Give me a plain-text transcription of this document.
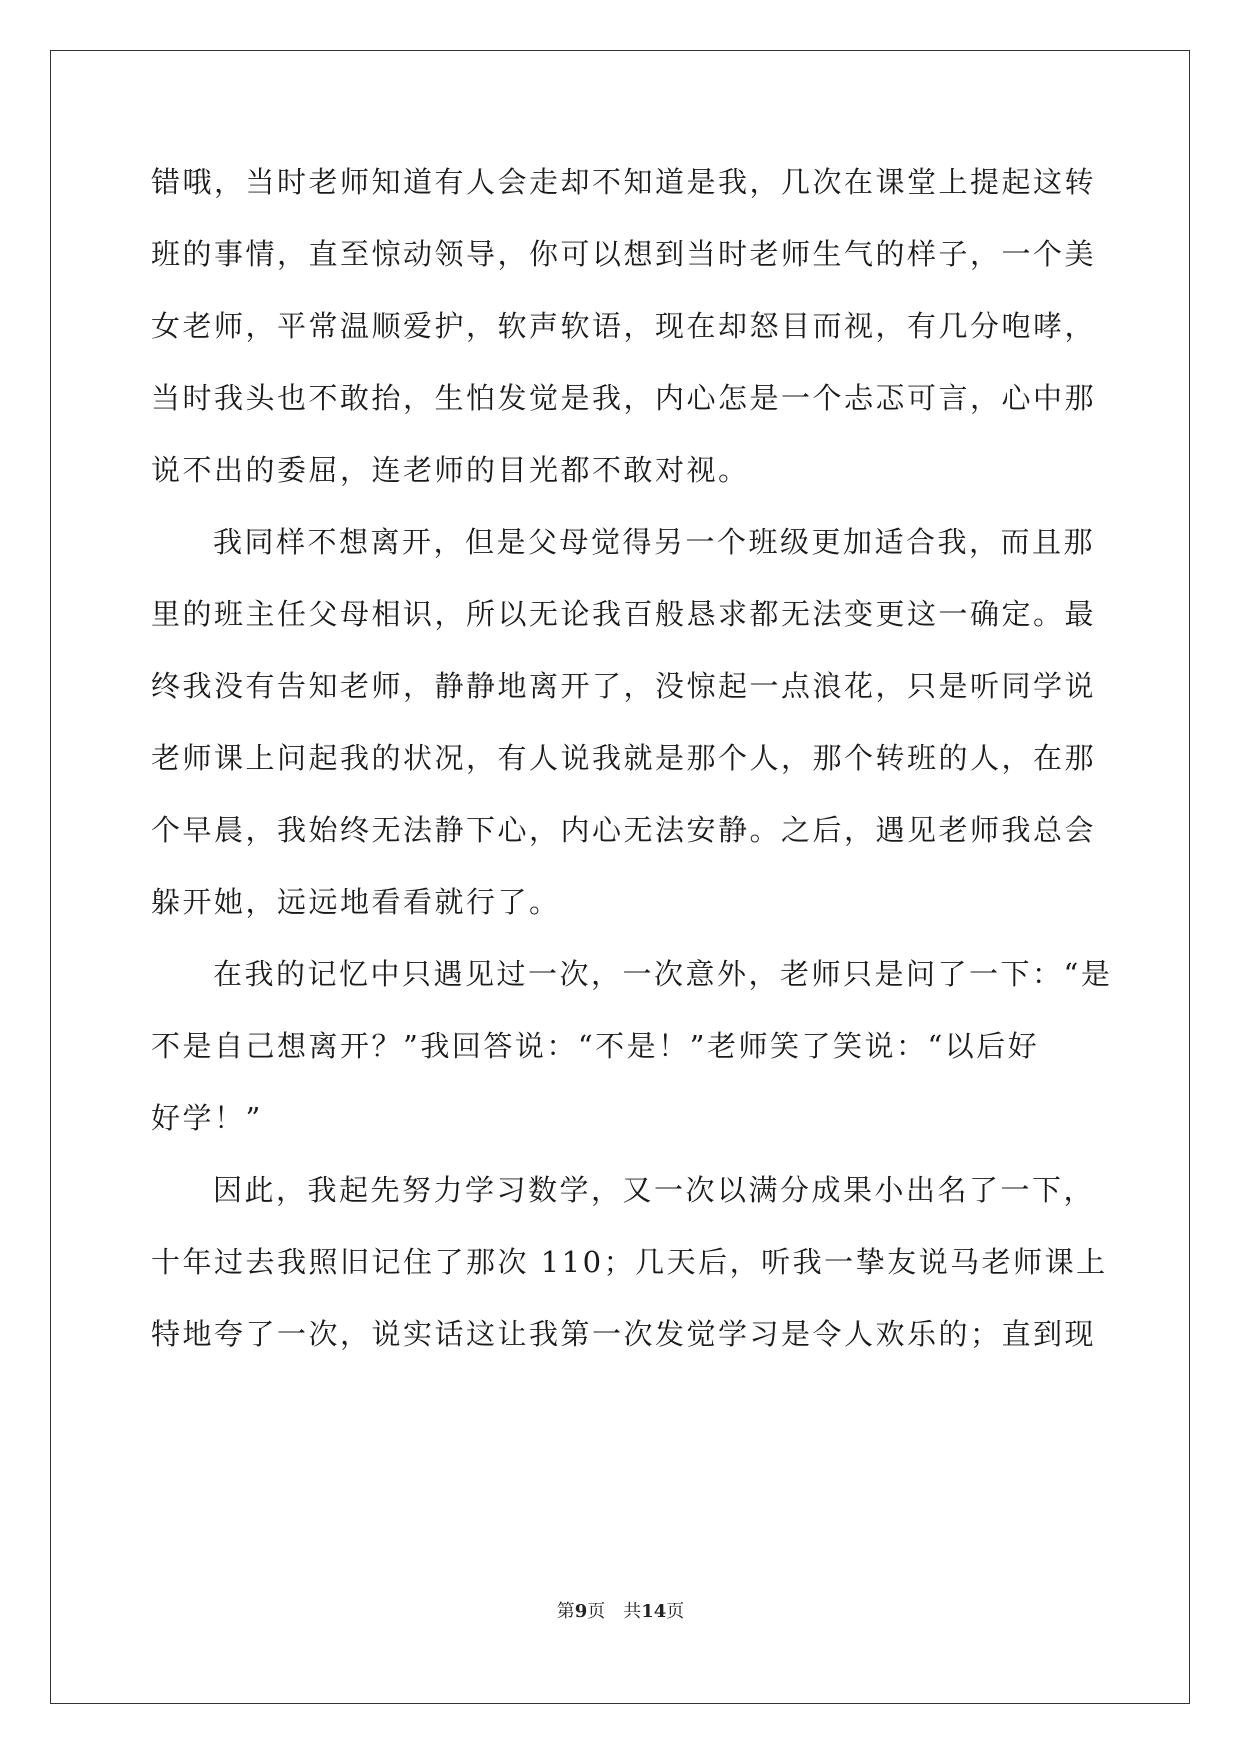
错哦，当时老师知道有人会走却不知道是我，几次在课堂上提起这转
班的事情，直至惊动领导，你可以想到当时老师生气的样子，一个美
女老师，平常温顺爱护，软声软语，现在却怒目而视，有几分咆哮，
当时我头也不敢抬，生怕发觉是我，内心怎是一个忐忑可言，心中那
说不出的委屈，连老师的目光都不敢对视。
我同样不想离开，但是父母觉得另一个班级更加适合我，而且那
里的班主任父母相识，所以无论我百般恳求都无法变更这一确定。最
终我没有告知老师，静静地离开了，没惊起一点浪花，只是听同学说
老师课上问起我的状况，有人说我就是那个人，那个转班的人，在那
个早晨，我始终无法静下心，内心无法安静。之后，遇见老师我总会
躲开她，远远地看看就行了。
在我的记忆中只遇见过一次，一次意外，老师只是问了一下：“是
不是自己想离开？”我回答说：“不是！”老师笑了笑说：“以后好
好学！”
因此，我起先努力学习数学，又一次以满分成果小出名了一下，
十年过去我照旧记住了那次 110；几天后，听我一挚友说马老师课上
特地夸了一次，说实话这让我第一次发觉学习是令人欢乐的；直到现
第9页 共14页
